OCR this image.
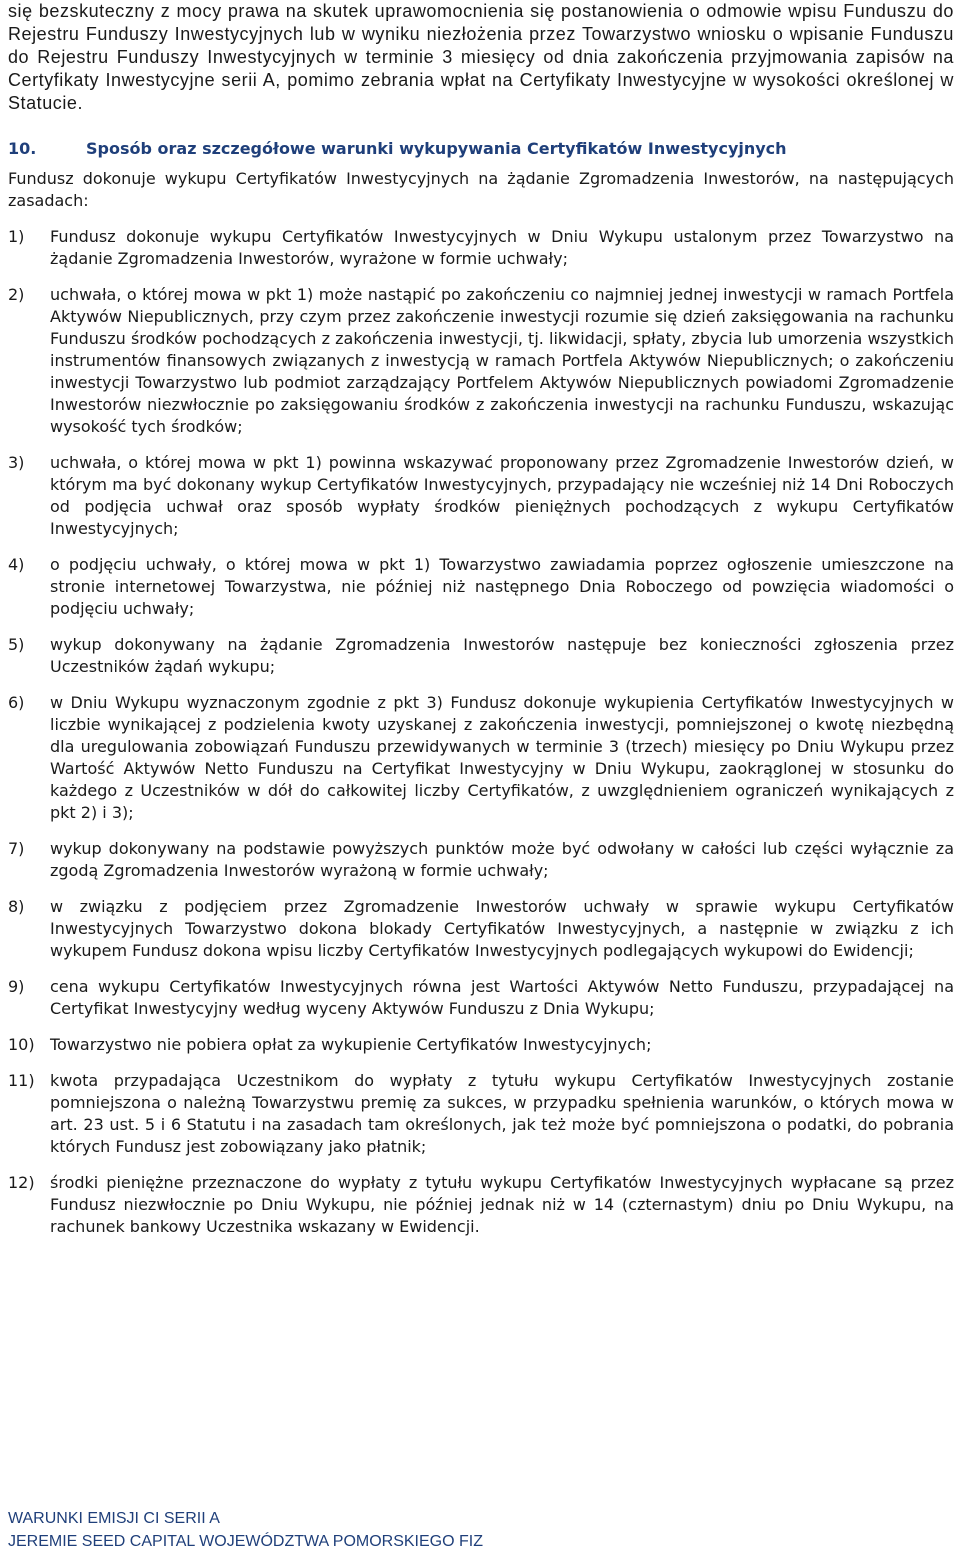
się bezskuteczny z mocy prawa na skutek uprawomocnienia się postanowienia o odmowie wpisu Funduszu do Rejestru Funduszy Inwestycyjnych lub w wyniku niezłożenia przez Towarzystwo wniosku o wpisanie Funduszu do Rejestru Funduszy Inwestycyjnych w terminie 3 miesięcy od dnia zakończenia przyjmowania zapisów na Certyfikaty Inwestycyjne serii A, pomimo zebrania wpłat na Certyfikaty Inwestycyjne w wysokości określonej w Statucie.

10.	Sposób oraz szczegółowe warunki wykupywania Certyfikatów Inwestycyjnych

Fundusz dokonuje wykupu Certyfikatów Inwestycyjnych na żądanie Zgromadzenia Inwestorów, na następujących zasadach:

1)	Fundusz dokonuje wykupu Certyfikatów Inwestycyjnych w Dniu Wykupu ustalonym przez Towarzystwo na żądanie Zgromadzenia Inwestorów, wyrażone w formie uchwały;
2)	uchwała, o której mowa w pkt 1) może nastąpić po zakończeniu co najmniej jednej inwestycji w ramach Portfela Aktywów Niepublicznych, przy czym przez zakończenie inwestycji rozumie się dzień zaksięgowania na rachunku Funduszu środków pochodzących z zakończenia inwestycji, tj. likwidacji, spłaty, zbycia lub umorzenia wszystkich instrumentów finansowych związanych z inwestycją w ramach Portfela Aktywów Niepublicznych; o zakończeniu inwestycji Towarzystwo lub podmiot zarządzający Portfelem Aktywów Niepublicznych powiadomi Zgromadzenie Inwestorów niezwłocznie po zaksięgowaniu środków z zakończenia inwestycji na rachunku Funduszu, wskazując wysokość tych środków;
3)	uchwała, o której mowa w pkt 1) powinna wskazywać proponowany przez Zgromadzenie Inwestorów dzień, w którym ma być dokonany wykup Certyfikatów Inwestycyjnych, przypadający nie wcześniej niż 14 Dni Roboczych od podjęcia uchwał oraz sposób wypłaty środków pieniężnych pochodzących z wykupu Certyfikatów Inwestycyjnych;
4)	o podjęciu uchwały, o której mowa w pkt 1) Towarzystwo zawiadamia poprzez ogłoszenie umieszczone na stronie internetowej Towarzystwa, nie później niż następnego Dnia Roboczego od powzięcia wiadomości o podjęciu uchwały;
5)	wykup dokonywany na żądanie Zgromadzenia Inwestorów następuje bez konieczności zgłoszenia przez Uczestników żądań wykupu;
6)	w Dniu Wykupu wyznaczonym zgodnie z pkt 3) Fundusz dokonuje wykupienia Certyfikatów Inwestycyjnych w liczbie wynikającej z podzielenia kwoty uzyskanej z zakończenia inwestycji, pomniejszonej o kwotę niezbędną dla uregulowania zobowiązań Funduszu przewidywanych w terminie 3 (trzech) miesięcy po Dniu Wykupu przez Wartość Aktywów Netto Funduszu na Certyfikat Inwestycyjny w Dniu Wykupu, zaokrąglonej w stosunku do każdego z Uczestników w dół do całkowitej liczby Certyfikatów, z uwzględnieniem ograniczeń wynikających z pkt 2) i 3);
7)	wykup dokonywany na podstawie powyższych punktów może być odwołany w całości lub części wyłącznie za zgodą Zgromadzenia Inwestorów wyrażoną w formie uchwały;
8)	w związku z podjęciem przez Zgromadzenie Inwestorów uchwały w sprawie wykupu Certyfikatów Inwestycyjnych Towarzystwo dokona blokady Certyfikatów Inwestycyjnych, a następnie w związku z ich wykupem Fundusz dokona wpisu liczby Certyfikatów Inwestycyjnych podlegających wykupowi do Ewidencji;
9)	cena wykupu Certyfikatów Inwestycyjnych równa jest Wartości Aktywów Netto Funduszu, przypadającej na Certyfikat Inwestycyjny według wyceny Aktywów Funduszu z Dnia Wykupu;
10) Towarzystwo nie pobiera opłat za wykupienie Certyfikatów Inwestycyjnych;
11) kwota przypadająca Uczestnikom do wypłaty z tytułu wykupu Certyfikatów Inwestycyjnych zostanie pomniejszona o należną Towarzystwu premię za sukces, w przypadku spełnienia warunków, o których mowa w art. 23 ust. 5 i 6 Statutu i na zasadach tam określonych, jak też może być pomniejszona o podatki, do pobrania których Fundusz jest zobowiązany jako płatnik;
12) środki pieniężne przeznaczone do wypłaty z tytułu wykupu Certyfikatów Inwestycyjnych wypłacane są przez Fundusz niezwłocznie po Dniu Wykupu, nie później jednak niż w 14 (czternastym) dniu po Dniu Wykupu, na rachunek bankowy Uczestnika wskazany w Ewidencji.
WARUNKI EMISJI CI SERII A
JEREMIE SEED CAPITAL WOJEWÓDZTWA POMORSKIEGO FIZ
